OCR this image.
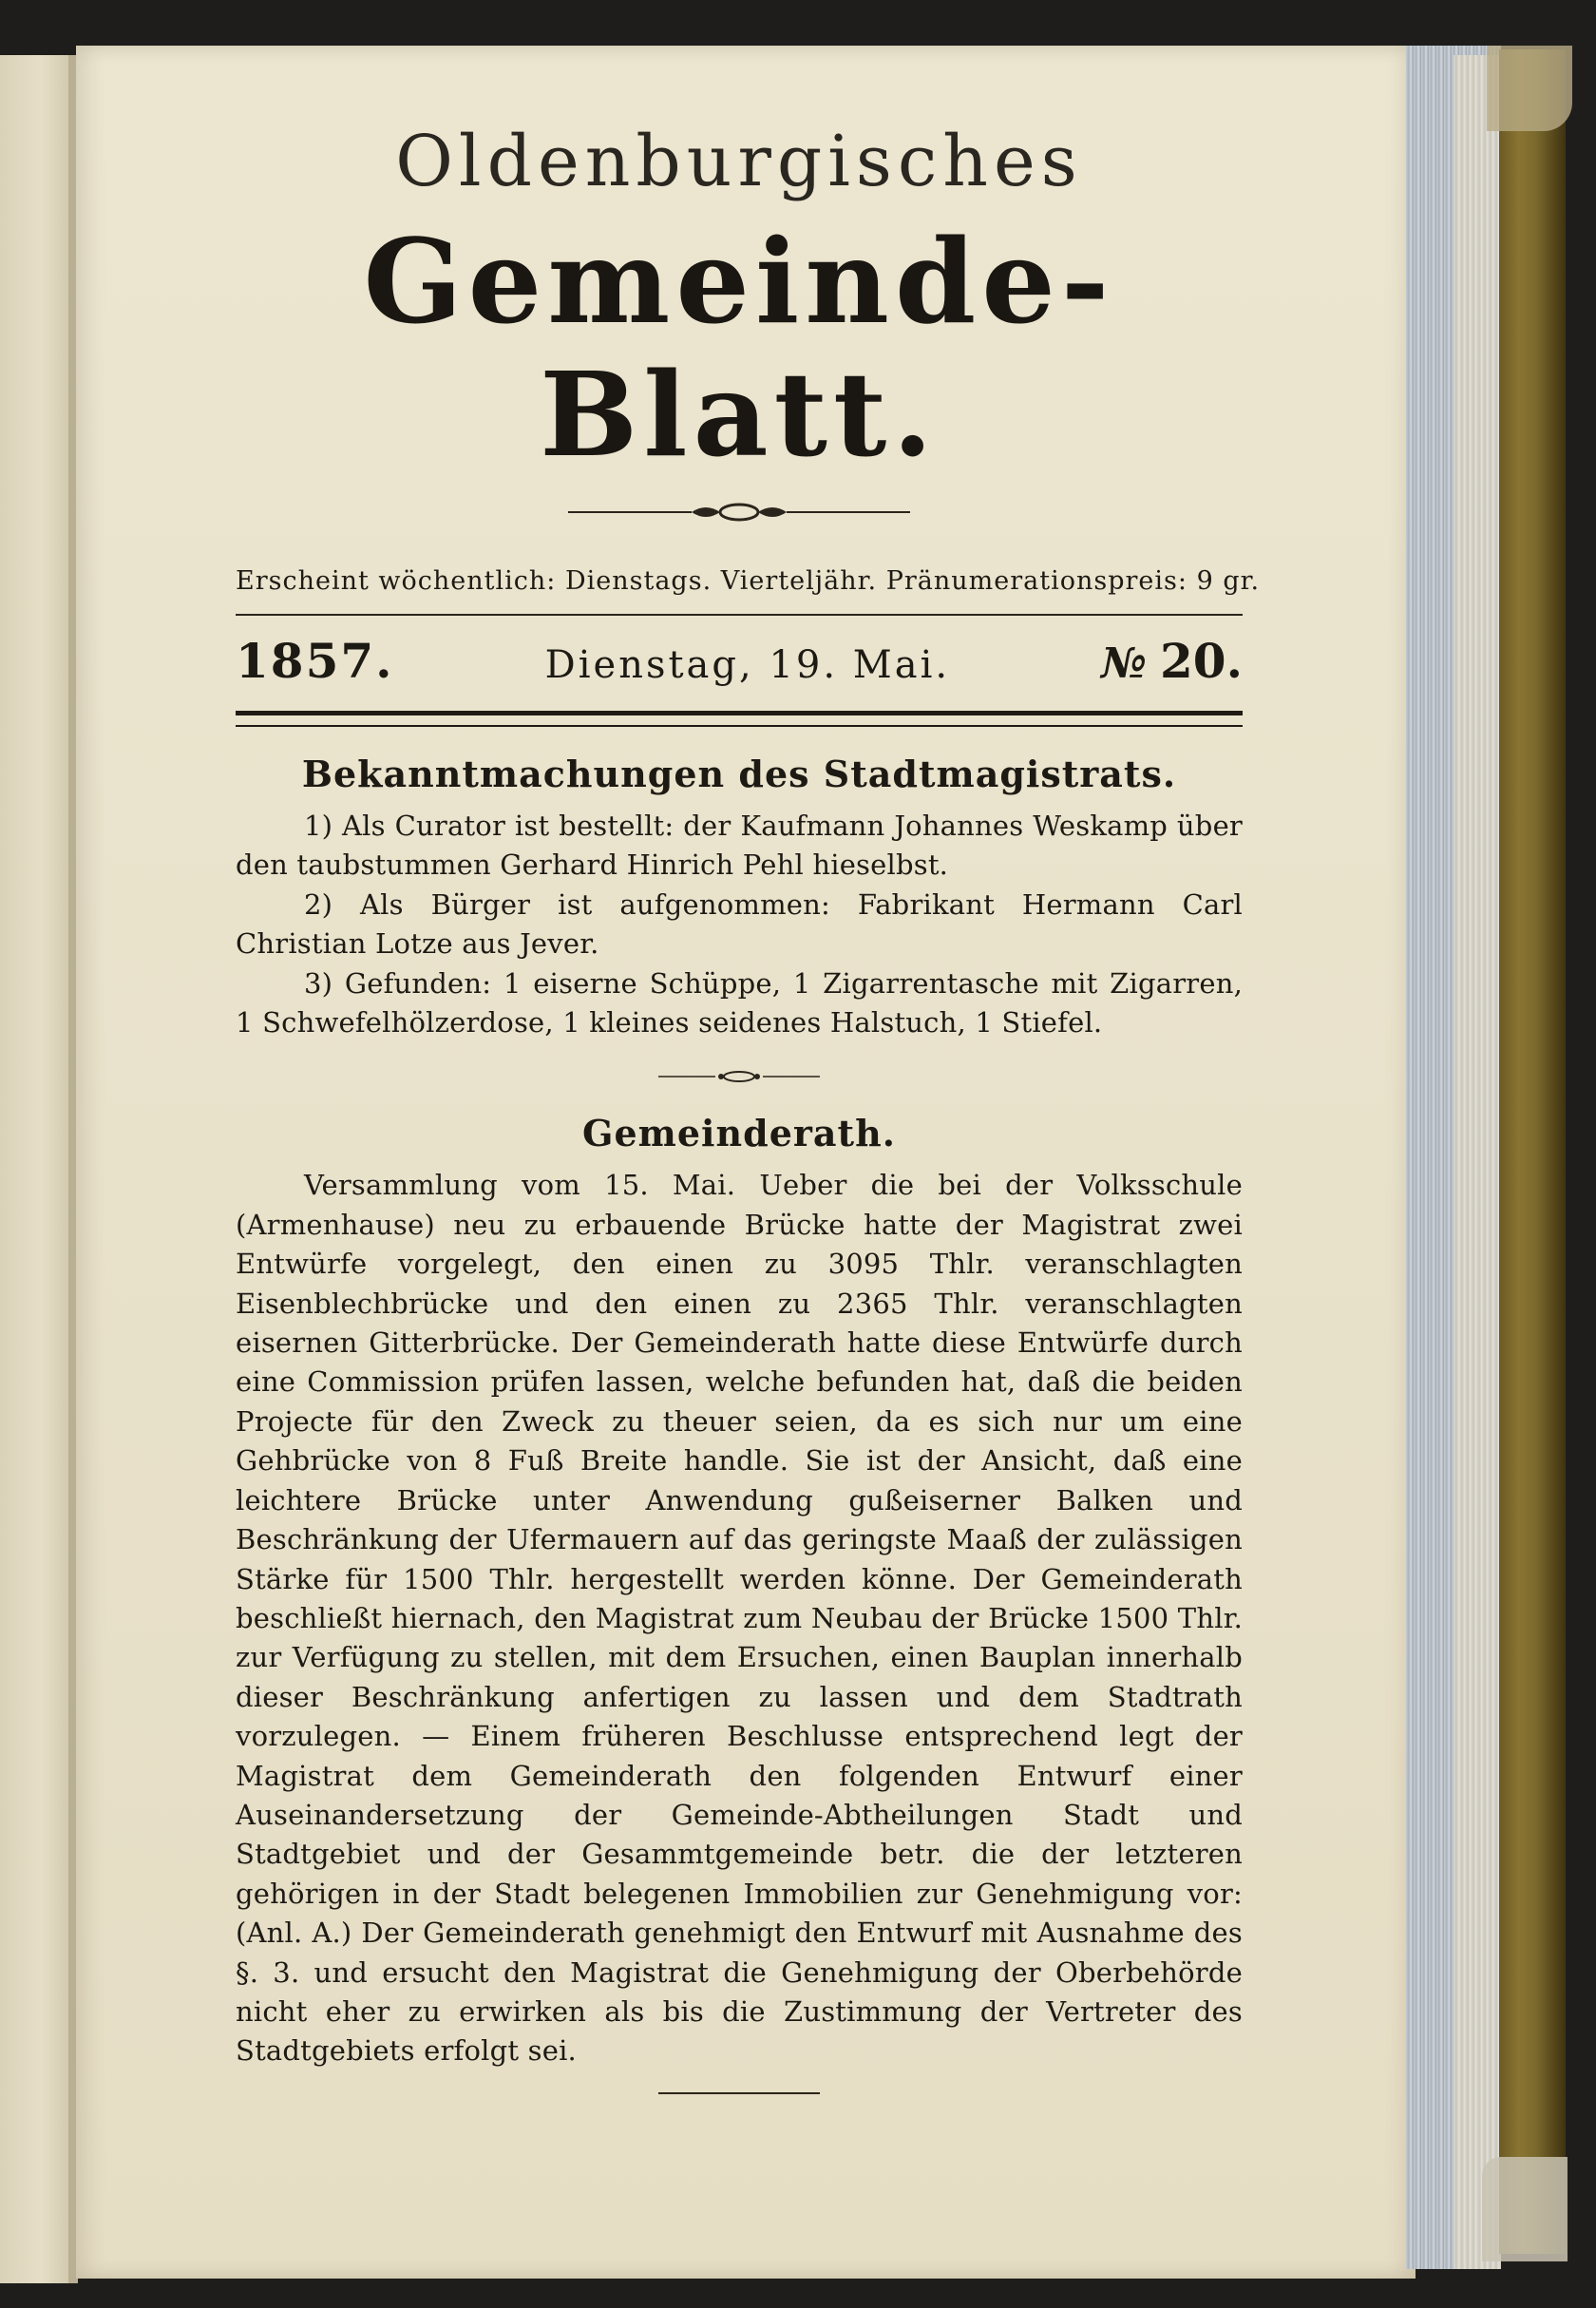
Oldenburgisches
Gemeinde-Blatt.
Erscheint wöchentlich: Dienstags. Vierteljähr. Pränumerationspreis: 9 gr.
1857.	Dienstag, 19. Mai.	№ 20.
Bekanntmachungen des Stadtmagistrats.

1) Als Curator ist bestellt: der Kaufmann Johannes Weskamp über den taubstummen Gerhard Hinrich Pehl hieselbst.

2) Als Bürger ist aufgenommen: Fabrikant Hermann Carl Christian Lotze aus Jever.

3) Gefunden: 1 eiserne Schüppe, 1 Zigarrentasche mit Zigarren, 1 Schwefelhölzerdose, 1 kleines seidenes Halstuch, 1 Stiefel.

Gemeinderath.

Versammlung vom 15. Mai. Ueber die bei der Volksschule (Armenhause) neu zu erbauende Brücke hatte der Magistrat zwei Entwürfe vorgelegt, den einen zu 3095 Thlr. veranschlagten Eisenblechbrücke und den einen zu 2365 Thlr. veranschlagten eisernen Gitterbrücke. Der Gemeinderath hatte diese Entwürfe durch eine Commission prüfen lassen, welche befunden hat, daß die beiden Projecte für den Zweck zu theuer seien, da es sich nur um eine Gehbrücke von 8 Fuß Breite handle. Sie ist der Ansicht, daß eine leichtere Brücke unter Anwendung gußeiserner Balken und Beschränkung der Ufermauern auf das geringste Maaß der zulässigen Stärke für 1500 Thlr. hergestellt werden könne. Der Gemeinderath beschließt hiernach, den Magistrat zum Neubau der Brücke 1500 Thlr. zur Verfügung zu stellen, mit dem Ersuchen, einen Bauplan innerhalb dieser Beschränkung anfertigen zu lassen und dem Stadtrath vorzulegen. — Einem früheren Beschlusse entsprechend legt der Magistrat dem Gemeinderath den folgenden Entwurf einer Auseinandersetzung der Gemeinde-Abtheilungen Stadt und Stadtgebiet und der Gesammtgemeinde betr. die der letzteren gehörigen in der Stadt belegenen Immobilien zur Genehmigung vor: (Anl. A.) Der Gemeinderath genehmigt den Entwurf mit Ausnahme des §. 3. und ersucht den Magistrat die Genehmigung der Oberbehörde nicht eher zu erwirken als bis die Zustimmung der Vertreter des Stadtgebiets erfolgt sei.
